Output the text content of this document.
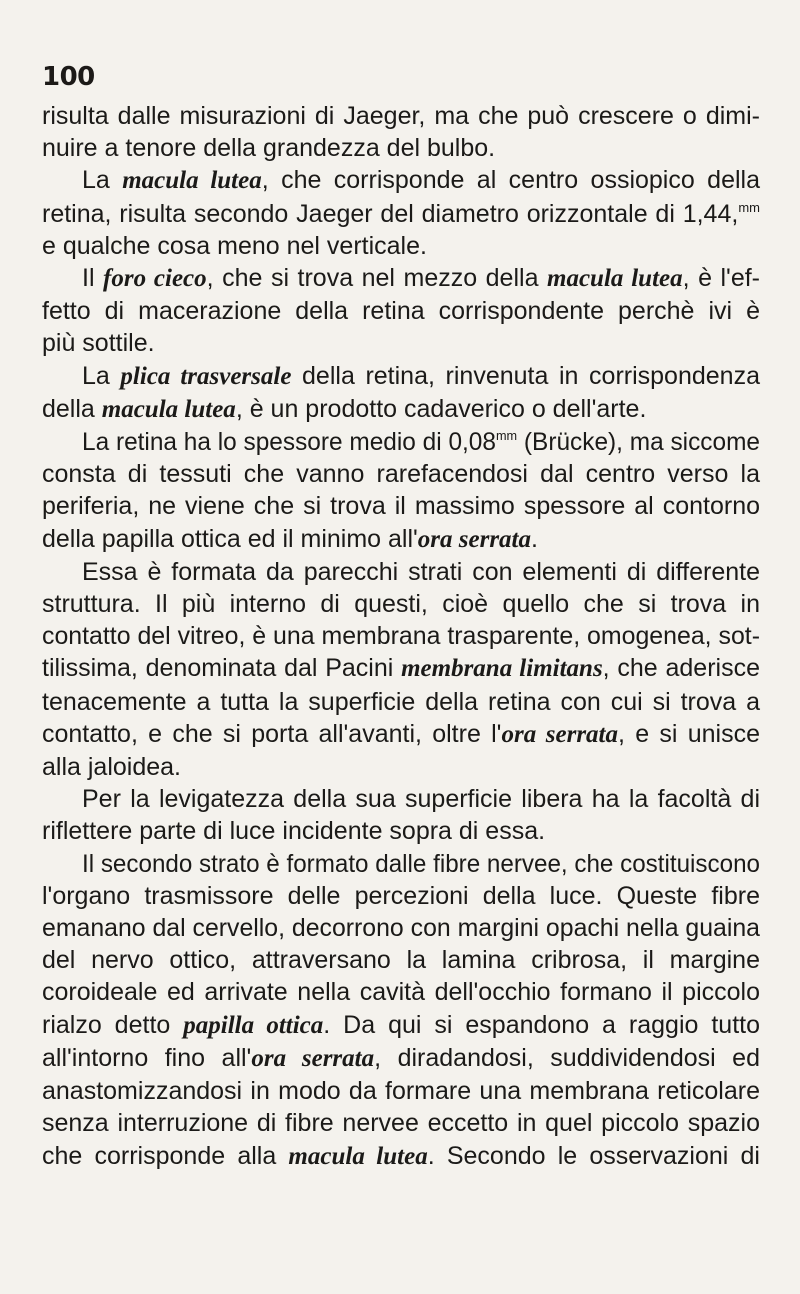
100
risulta dalle misurazioni di Jaeger, ma che può crescere o dimi-
nuire a tenore della grandezza del bulbo.
La macula lutea, che corrisponde al centro ossiopico della
retina, risulta secondo Jaeger del diametro orizzontale di 1,44,$^{mm}$
e qualche cosa meno nel verticale.
Il foro cieco, che si trova nel mezzo della macula lutea, è l'ef-
fetto di macerazione della retina corrispondente perchè ivi è
più sottile.
La plica trasversale della retina, rinvenuta in corrispondenza
della macula lutea, è un prodotto cadaverico o dell'arte.
La retina ha lo spessore medio di $0,08^{mm}$ (Brücke), ma siccome
consta di tessuti che vanno rarefacendosi dal centro verso la
periferia, ne viene che si trova il massimo spessore al contorno
della papilla ottica ed il minimo all'ora serrata.
Essa è formata da parecchi strati con elementi di differente
struttura. Il più interno di questi, cioè quello che si trova in
contatto del vitreo, è una membrana trasparente, omogenea, sot-
tilissima, denominata dal Pacini membrana limitans, che aderisce
tenacemente a tutta la superficie della retina con cui si trova a
contatto, e che si porta all'avanti, oltre l'ora serrata, e si unisce
alla jaloidea.
Per la levigatezza della sua superficie libera ha la facoltà di
riflettere parte di luce incidente sopra di essa.
Il secondo strato è formato dalle fibre nervee, che costituiscono
l'organo trasmissore delle percezioni della luce. Queste fibre
emanano dal cervello, decorrono con margini opachi nella guaina
del nervo ottico, attraversano la lamina cribrosa, il margine
coroideale ed arrivate nella cavità dell'occhio formano il piccolo
rialzo detto papilla ottica. Da qui si espandono a raggio tutto
all'intorno fino all'ora serrata, diradandosi, suddividendosi ed
anastomizzandosi in modo da formare una membrana reticolare
senza interruzione di fibre nervee eccetto in quel piccolo spazio
che corrisponde alla macula lutea. Secondo le osservazioni di
